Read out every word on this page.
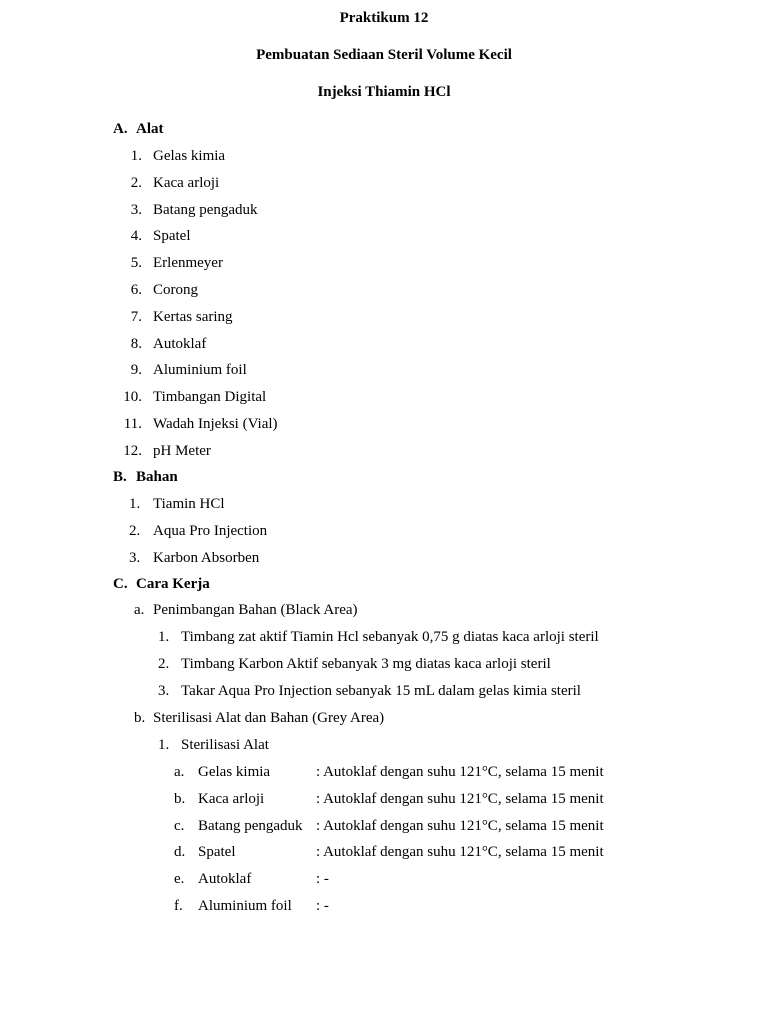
Praktikum 12
Pembuatan Sediaan Steril Volume Kecil
Injeksi Thiamin HCl
A. Alat
1. Gelas kimia
2. Kaca arloji
3. Batang pengaduk
4. Spatel
5. Erlenmeyer
6. Corong
7. Kertas saring
8. Autoklaf
9. Aluminium foil
10. Timbangan Digital
11. Wadah Injeksi (Vial)
12. pH Meter
B. Bahan
1. Tiamin HCl
2. Aqua Pro Injection
3. Karbon Absorben
C. Cara Kerja
a. Penimbangan Bahan (Black Area)
1. Timbang zat aktif Tiamin Hcl sebanyak 0,75 g diatas kaca arloji steril
2. Timbang Karbon Aktif sebanyak 3 mg diatas kaca arloji steril
3. Takar Aqua Pro Injection sebanyak 15 mL dalam gelas kimia steril
b. Sterilisasi Alat dan Bahan (Grey Area)
1. Sterilisasi Alat
a. Gelas kimia	: Autoklaf dengan suhu 121°C, selama 15 menit
b. Kaca arloji	: Autoklaf dengan suhu 121°C, selama 15 menit
c. Batang pengaduk : Autoklaf dengan suhu 121°C, selama 15 menit
d. Spatel	: Autoklaf dengan suhu 121°C, selama 15 menit
e. Autoklaf	: -
f. Aluminium foil : -
